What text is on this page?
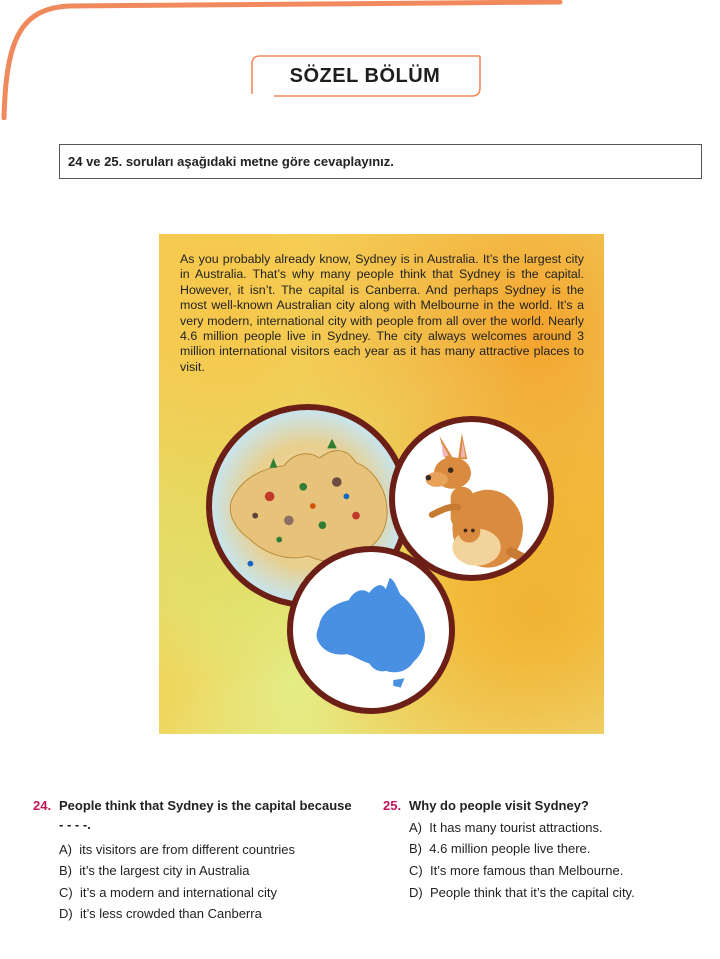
SÖZEL BÖLÜM
24 ve 25. soruları aşağıdaki metne göre cevaplayınız.
As you probably already know, Sydney is in Australia. It’s the largest city in Australia. That’s why many people think that Sydney is the capital. However, it isn’t. The capital is Canberra. And perhaps Sydney is the most well-known Australian city along with Melbourne in the world. It’s a very modern, international city with people from all over the world. Nearly 4.6 million people live in Sydney. The city always welcomes around 3 million international visitors each year as it has many attractive places to visit.
24. People think that Sydney is the capital because
- - - -.
A) its visitors are from different countries
B) it’s the largest city in Australia
C) it’s a modern and international city
D) it’s less crowded than Canberra
25. Why do people visit Sydney?
A) It has many tourist attractions.
B) 4.6 million people live there.
C) It’s more famous than Melbourne.
D) People think that it’s the capital city.
